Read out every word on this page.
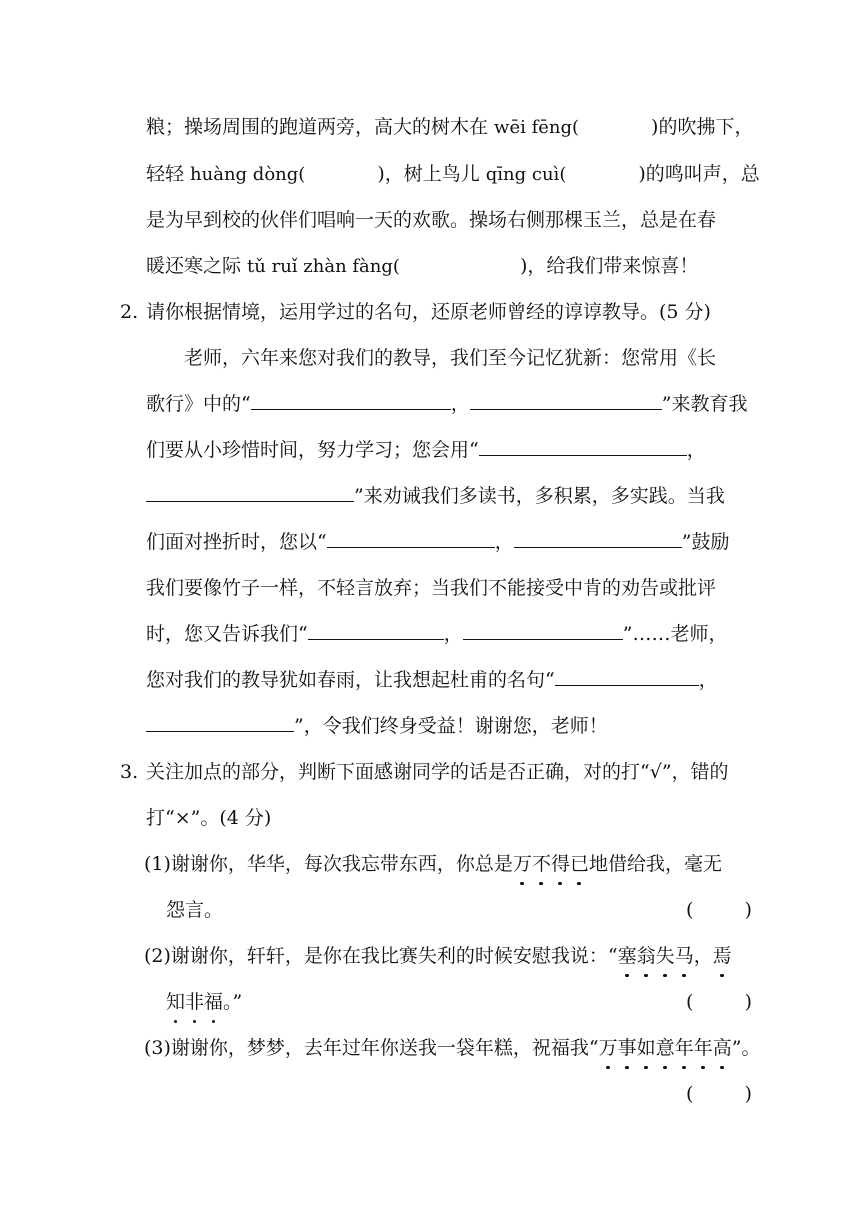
粮；操场周围的跑道两旁，高大的树木在 wēi fēng(	)的吹拂下，
轻轻 huàng dòng(	)，树上鸟儿 qīng cuì(	)的鸣叫声，总
是为早到校的伙伴们唱响一天的欢歌。操场右侧那棵玉兰，总是在春
暖还寒之际 tǔ ruǐ zhàn fàng(	)，给我们带来惊喜！
2. 请你根据情境，运用学过的名句，还原老师曾经的谆谆教导。(5 分)
老师，六年来您对我们的教导，我们至今记忆犹新：您常用《长
歌行》中的“	，	”来教育我
们要从小珍惜时间，努力学习；您会用“	，
”来劝诫我们多读书，多积累，多实践。当我
们面对挫折时，您以“	，	”鼓励
我们要像竹子一样，不轻言放弃；当我们不能接受中肯的劝告或批评
时，您又告诉我们“	，	”……老师，
您对我们的教导犹如春雨，让我想起杜甫的名句“	，
”，令我们终身受益！谢谢您，老师！
3. 关注加点的部分，判断下面感谢同学的话是否正确，对的打“√”，错的
打“×”。(4 分)
(1)谢谢你，华华，每次我忘带东西，你总是万不得已地借给我，毫无
怨言。	(	)
(2)谢谢你，轩轩，是你在我比赛失利的时候安慰我说：“塞翁失马，焉
知非福。”	(	)
(3)谢谢你，梦梦，去年过年你送我一袋年糕，祝福我“万事如意年年高”。
(	)
